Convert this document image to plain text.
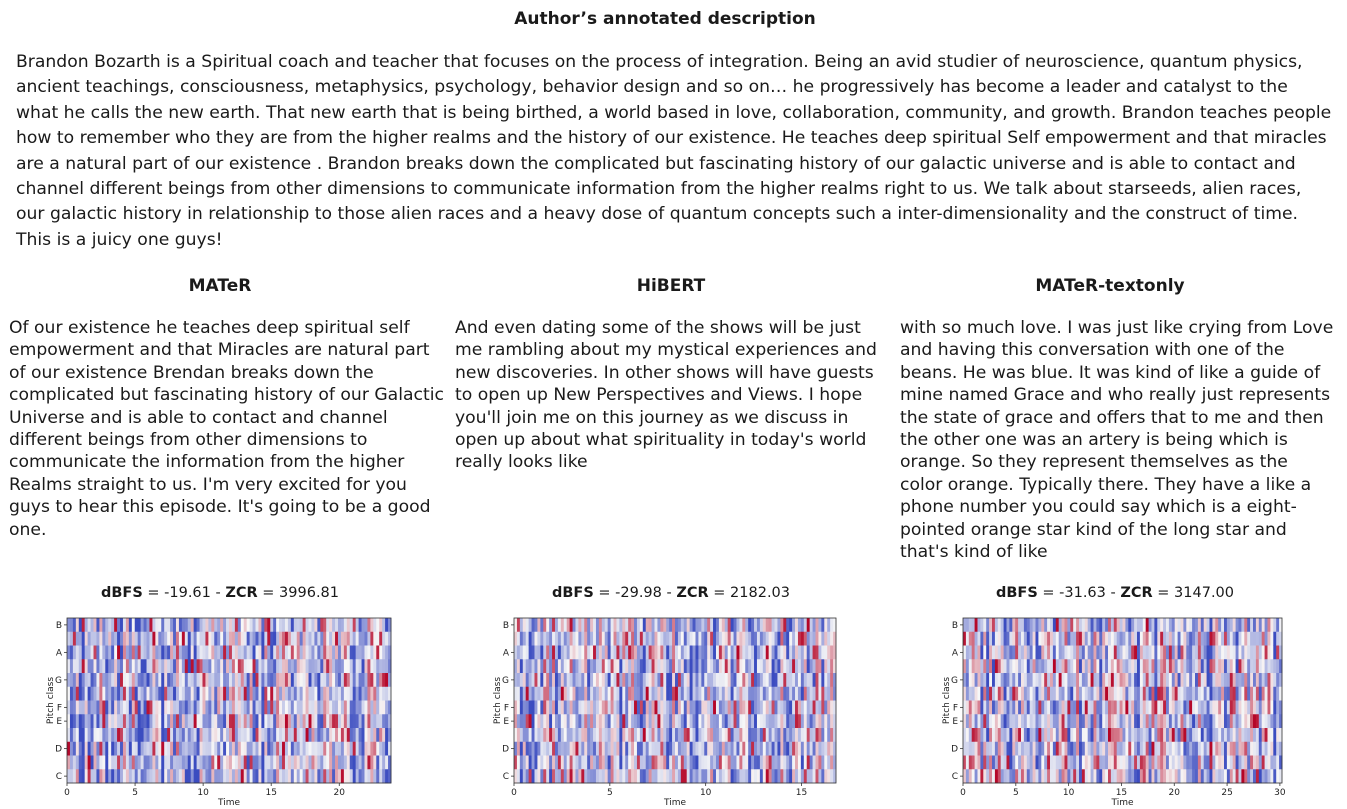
Author’s annotated description

Brandon Bozarth is a Spiritual coach and teacher that focuses on the process of integration. Being an avid studier of neuroscience, quantum physics, ancient teachings, consciousness, metaphysics, psychology, behavior design and so on… he progressively has become a leader and catalyst to the what he calls the new earth. That new earth that is being birthed, a world based in love, collaboration, community, and growth. Brandon teaches people how to remember who they are from the higher realms and the history of our existence. He teaches deep spiritual Self empowerment and that miracles are a natural part of our existence . Brandon breaks down the complicated but fascinating history of our galactic universe and is able to contact and channel different beings from other dimensions to communicate information from the higher realms right to us. We talk about starseeds, alien races, our galactic history in relationship to those alien races and a heavy dose of quantum concepts such a inter-dimensionality and the construct of time. This is a juicy one guys!

MATeR

Of our existence he teaches deep spiritual self empowerment and that Miracles are natural part of our existence Brendan breaks down the complicated but fascinating history of our Galactic Universe and is able to contact and channel different beings from other dimensions to communicate the information from the higher Realms straight to us. I'm very excited for you guys to hear this episode. It's going to be a good one.

dBFS = -19.61 - ZCR = 3996.81
C
D
E
F
G
A
B
0	5	10	15	20
Time
Pitch class
HiBERT

And even dating some of the shows will be just me rambling about my mystical experiences and new discoveries. In other shows will have guests to open up New Perspectives and Views. I hope you'll join me on this journey as we discuss in open up about what spirituality in today's world really looks like

dBFS = -29.98 - ZCR = 2182.03
C
D
E
F
G
A
B
0	5	10	15
Time
Pitch class
MATeR-textonly

with so much love. I was just like crying from Love and having this conversation with one of the beans. He was blue. It was kind of like a guide of mine named Grace and who really just represents the state of grace and offers that to me and then the other one was an artery is being which is orange. So they represent themselves as the color orange. Typically there. They have a like a phone number you could say which is a eight-pointed orange star kind of the long star and that's kind of like

dBFS = -31.63 - ZCR = 3147.00
C
D
E
F
G
A
B
0	5	10	15	20	25	30
Time
Pitch class
